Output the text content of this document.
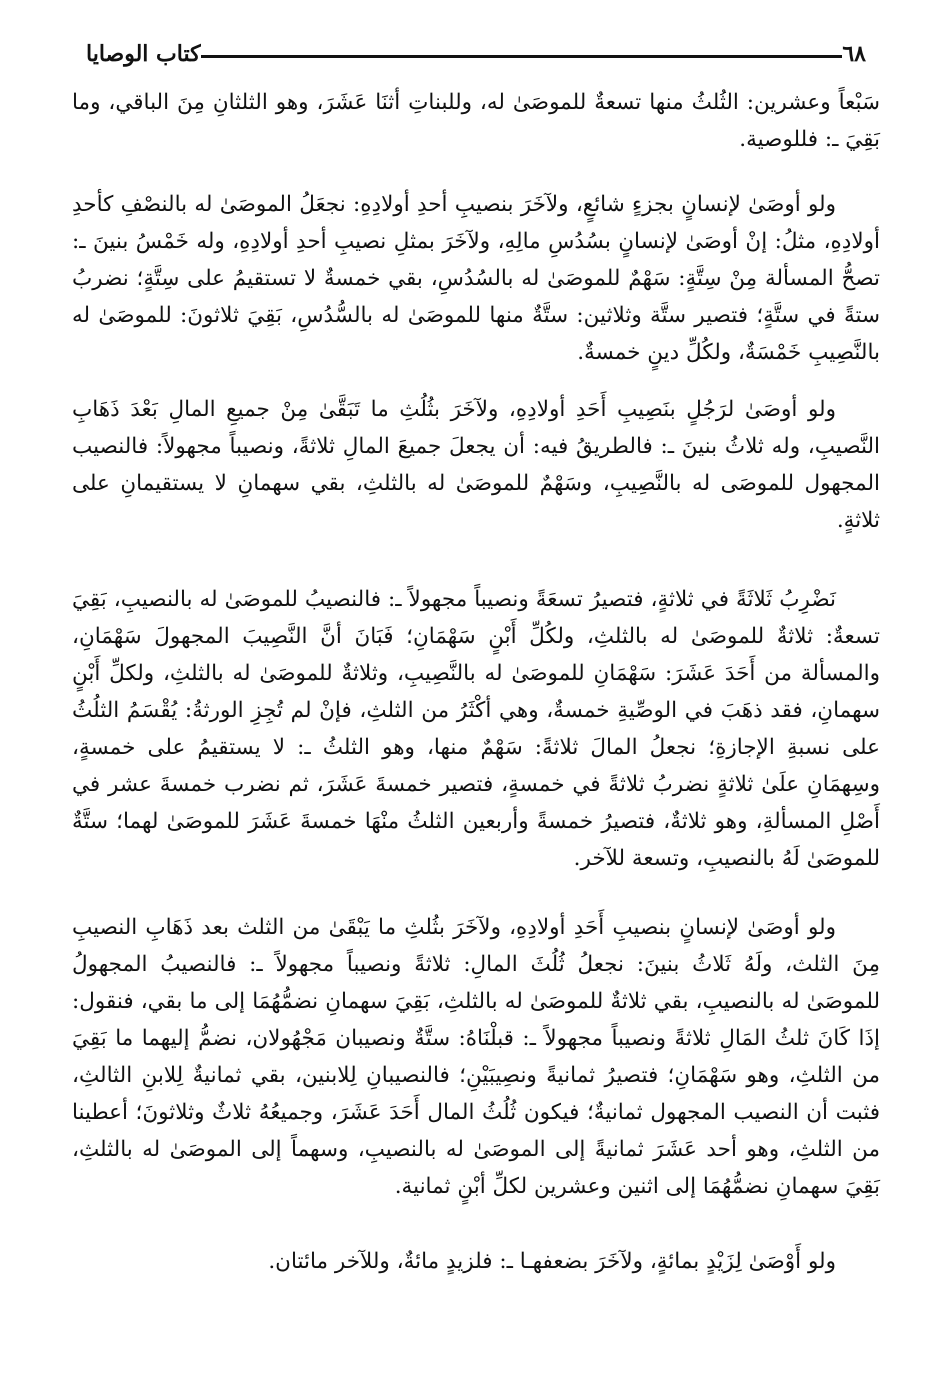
٦٨
كتاب الوصايا

سَبْعاً وعشرين: الثُلثُ منها تسعةٌ للموصَىٰ له، وللبناتِ أثنَا عَشَرَ، وهو الثلثانِ مِنَ الباقي، وما بَقِيَ ـ: فللوصية.

ولو أوصَىٰ لإنسانٍ بجزءٍ شائعٍ، ولآخَرَ بنصيبِ أحدِ أولادِهِ: نجعَلُ الموصَىٰ له بالنصْفِ كأحدِ أولادِهِ، مثلُ: إنْ أوصَىٰ لإنسانٍ بسُدُسِ مالِهِ، ولآخَرَ بمثلِ نصيبِ أحدِ أولادِهِ، وله خَمْسُ بنينَ ـ: تصحُّ المسألة مِنْ سِتَّةٍ: سَهْمٌ للموصَىٰ له بالسُدُسِ، بقي خمسةٌ لا تستقيمُ على سِتَّةٍ؛ نضربُ ستةً في ستَّةٍ؛ فتصير ستَّة وثلاثين: ستَّةٌ منها للموصَىٰ له بالسُّدُسِ، بَقِيَ ثلاثونَ: للموصَىٰ له بالنَّصِيبِ خَمْسَةٌ، ولكُلِّ دينٍ خمسةٌ.

ولو أوصَىٰ لرَجُلٍ بنَصِيبِ أَحَدِ أولادِهِ، ولآخَرَ بثُلُثِ ما تَبَقَّىٰ مِنْ جميعِ المالِ بَعْدَ ذَهَابِ النَّصيبِ، وله ثلاثُ بنينَ ـ: فالطريقُ فيه: أن يجعلَ جميعَ المالِ ثلاثةً، ونصيباً مجهولاً: فالنصيب المجهول للموصَى له بالنَّصِيبِ، وسَهْمٌ للموصَىٰ له بالثلثِ، بقي سهمانِ لا يستقيمانِ على ثلاثةٍ.

نَضْرِبُ ثَلاثَةً في ثلاثةٍ، فتصيرُ تسعَةً ونصيباً مجهولاً ـ: فالنصيبُ للموصَىٰ له بالنصيبِ، بَقِيَ تسعةٌ: ثلاثةٌ للموصَىٰ له بالثلثِ، ولكُلِّ أَبْنٍ سَهْمَانِ؛ فَبَانَ أنَّ النَّصِيبَ المجهولَ سَهْمَانِ، والمسألة من أَحَدَ عَشَرَ: سَهْمَانِ للموصَىٰ له بالنَّصِيبِ، وثلاثةٌ للموصَىٰ له بالثلثِ، ولكلِّ أَبْنٍ سهمانِ، فقد ذهَبَ في الوصِّيةِ خمسةٌ، وهي أكْثَرُ من الثلثِ، فإنْ لم تُجِزِ الورثةُ: يُقْسَمُ الثلُثُ على نسبةِ الإجازةِ؛ نجعلُ المالَ ثلاثةً: سَهْمٌ منها، وهو الثلثُ ـ: لا يستقيمُ على خمسةٍ، وسِهمَانِ علَىٰ ثلاثةٍ نضربُ ثلاثةً في خمسةٍ، فتصير خمسةَ عَشَرَ، ثم نضرب خمسةَ عشر في أَصْلِ المسألةِ، وهو ثلاثةٌ، فتصيرُ خمسةً وأربعين الثلثُ منْهَا خمسةَ عَشَرَ للموصَىٰ لهما؛ ستَّةٌ للموصَىٰ لَهُ بالنصيبِ، وتسعة للآخر.

ولو أوصَىٰ لإنسانٍ بنصيبِ أَحَدِ أولادِهِ، ولآخَرَ بثُلثِ ما يَبْقَىٰ من الثلث بعد ذَهَابِ النصيبِ مِنَ الثلث، ولَهُ ثَلاثُ بنينَ: نجعلُ ثُلُثَ المالِ: ثلاثةً ونصيباً مجهولاً ـ: فالنصيبُ المجهولُ للموصَىٰ له بالنصيبِ، بقي ثلاثةٌ للموصَىٰ له بالثلثِ، بَقِيَ سهمانِ نضمُّهُمَا إلى ما بقي، فنقول: إذَا كَانَ ثلثُ المَالِ ثلاثةً ونصيباً مجهولاً ـ: قبلْنَاهُ: ستَّةٌ ونصيبان مَجْهُولان، نضمُّ إليهما ما بَقِيَ من الثلثِ، وهو سَهْمَانِ؛ فتصيرُ ثمانيةً ونصِيبَيْنِ؛ فالنصيبانِ لِلابنين، بقي ثمانيةٌ لِلابنِ الثالثِ، فثبت أن النصيب المجهول ثمانيةٌ؛ فيكون ثُلُثُ المال أَحَدَ عَشَرَ، وجميعُهُ ثلاثٌ وثلاثونَ؛ أعطينا من الثلثِ، وهو أحد عَشَرَ ثمانيةً إلى الموصَىٰ له بالنصيبِ، وسهماً إلى الموصَىٰ له بالثلثِ، بَقِيَ سهمانِ نضمُّهُمَا إلى اثنين وعشرين لكلِّ أبْنٍ ثمانية.

ولو أَوْصَىٰ لِزَيْدٍ بمائةٍ، ولآخَرَ بضعفهـا ـ: فلزيدٍ مائةٌ، وللآخر مائتان.
